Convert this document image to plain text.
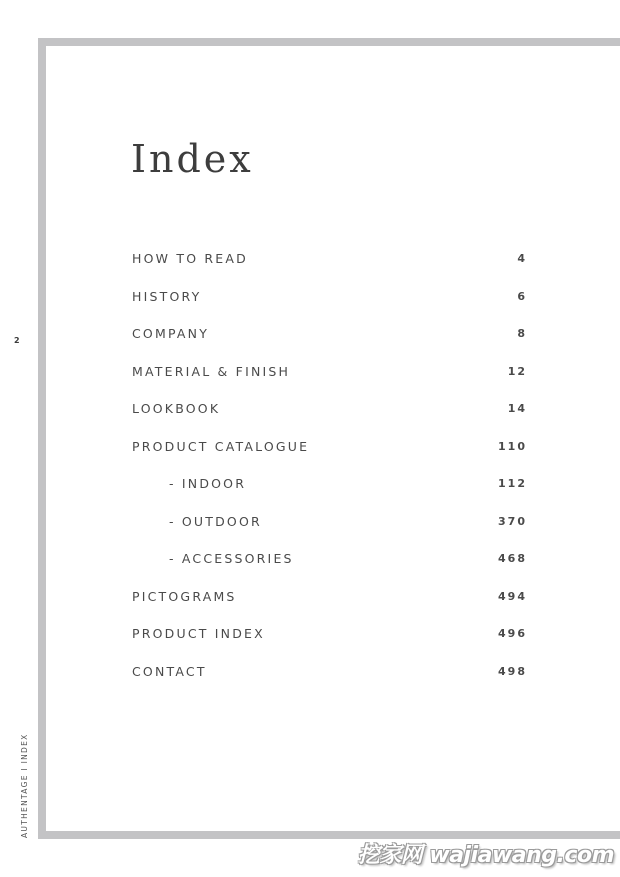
2
AUTHENTAGE I INDEX
Index
HOW TO READ	4
HISTORY	6
COMPANY	8
MATERIAL & FINISH	12
LOOKBOOK	14
PRODUCT CATALOGUE	110
- INDOOR	112
- OUTDOOR	370
- ACCESSORIES	468
PICTOGRAMS	494
PRODUCT INDEX	496
CONTACT	498
挖家网 wajiawang.com
